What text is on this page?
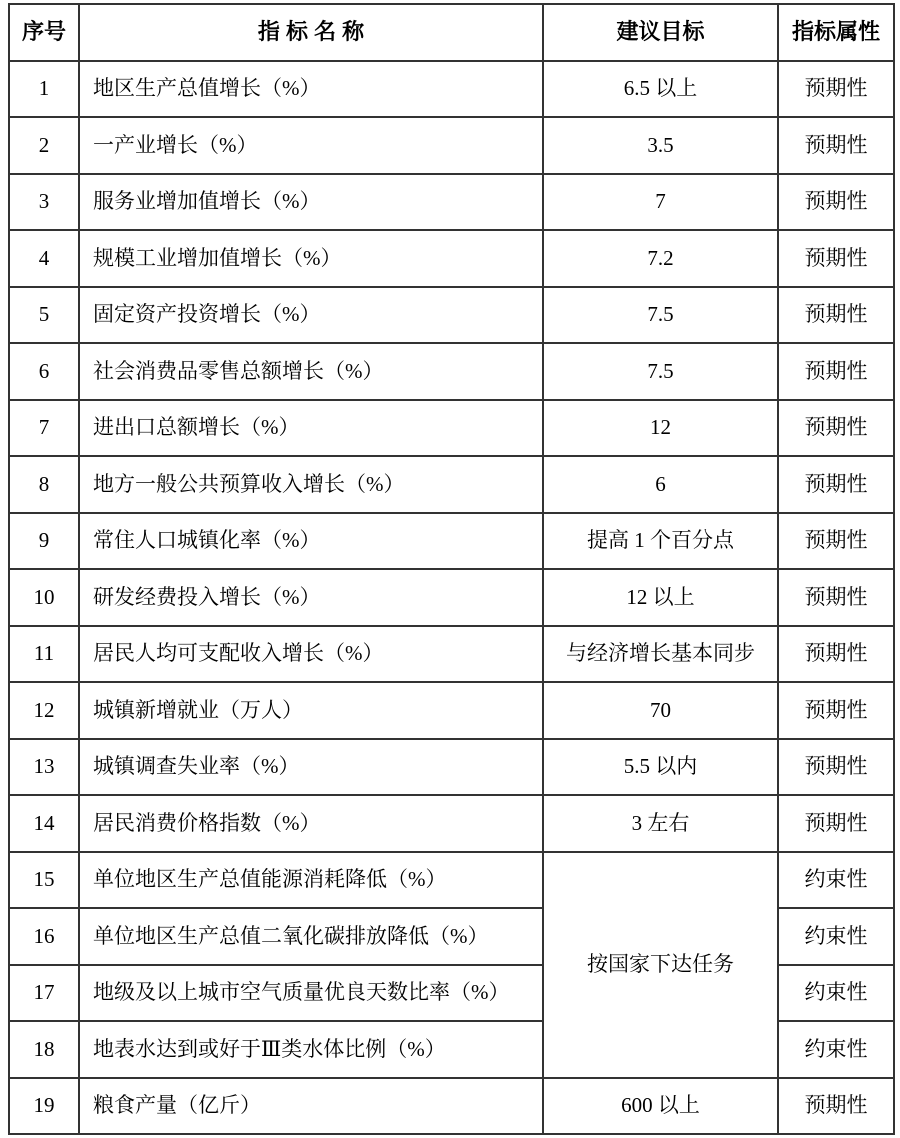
序号	指 标 名 称	建议目标	指标属性
1	地区生产总值增长（%）	6.5 以上	预期性
2	一产业增长（%）	3.5	预期性
3	服务业增加值增长（%）	7	预期性
4	规模工业增加值增长（%）	7.2	预期性
5	固定资产投资增长（%）	7.5	预期性
6	社会消费品零售总额增长（%）	7.5	预期性
7	进出口总额增长（%）	12	预期性
8	地方一般公共预算收入增长（%）	6	预期性
9	常住人口城镇化率（%）	提高 1 个百分点	预期性
10	研发经费投入增长（%）	12 以上	预期性
11	居民人均可支配收入增长（%）	与经济增长基本同步	预期性
12	城镇新增就业（万人）	70	预期性
13	城镇调查失业率（%）	5.5 以内	预期性
14	居民消费价格指数（%）	3 左右	预期性
15	单位地区生产总值能源消耗降低（%）	按国家下达任务	约束性
16	单位地区生产总值二氧化碳排放降低（%）		约束性
17	地级及以上城市空气质量优良天数比率（%）		约束性
18	地表水达到或好于Ⅲ类水体比例（%）		约束性
19	粮食产量（亿斤）	600 以上	预期性
